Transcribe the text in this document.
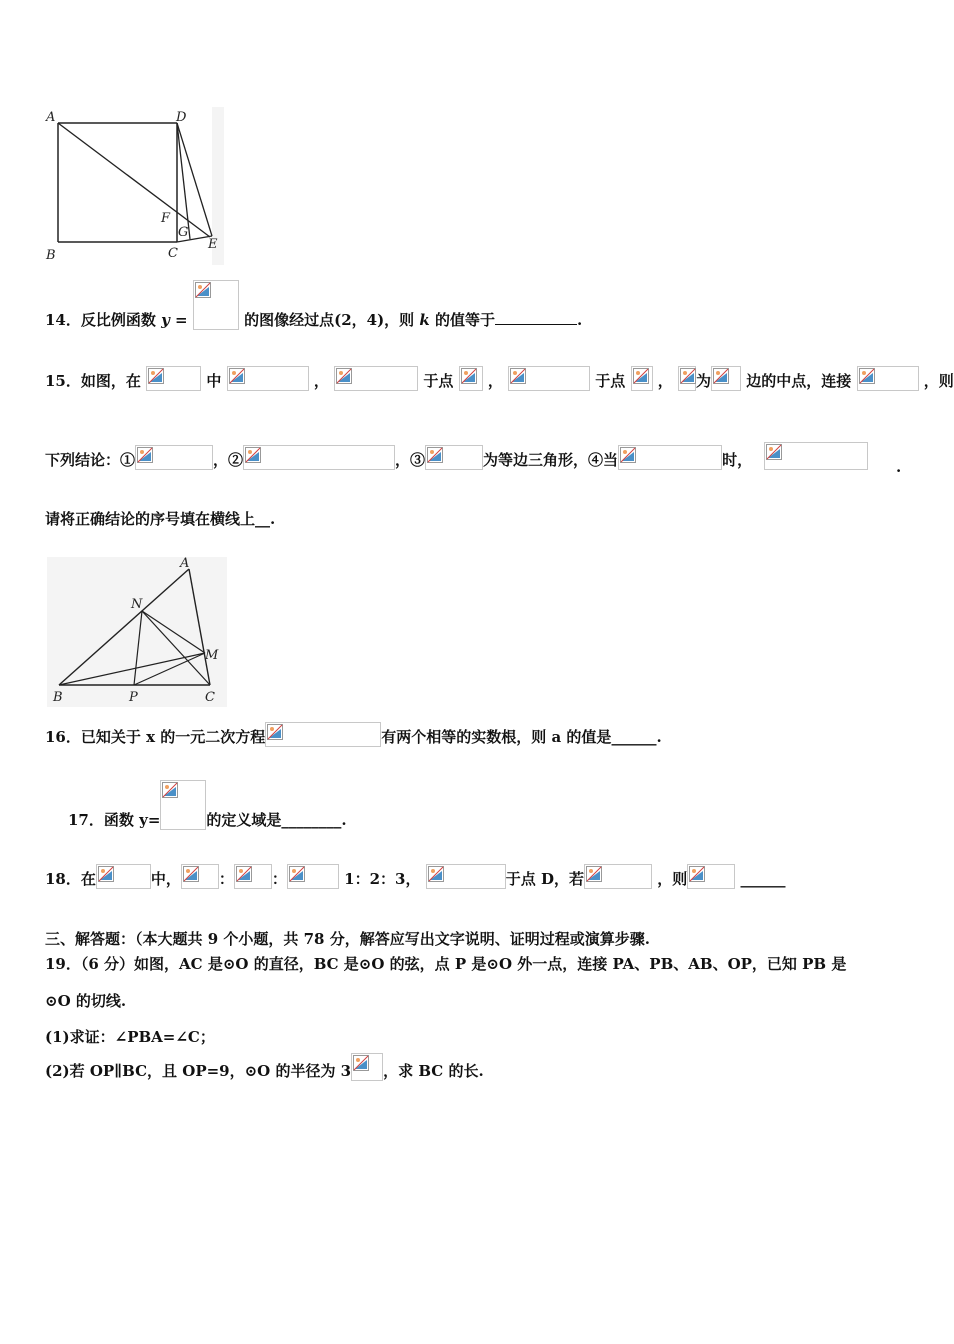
A	D
B	C
F
G
E
14．反比例函数 y =	的图像经过点(2，4)，则 k 的值等于	.
15．如图，在	中	，	于点 ，	于点 ， 为 边的中点，连接	，则
下列结论：①	，②	，③	为等边三角形，④当	时，	.
请将正确结论的序号填在横线上__.
A
N
M
B	P	C
16．已知关于 x 的一元二次方程	有两个相等的实数根，则 a 的值是______.
17．函数 y=	的定义域是________.
18．在	中，	：	：	1：2：3，	于点 D，若	，则	______
三、解答题：（本大题共 9 个小题，共 78 分，解答应写出文字说明、证明过程或演算步骤.
19．（6 分）如图，AC 是⊙O 的直径，BC 是⊙O 的弦，点 P 是⊙O 外一点，连接 PA、PB、AB、OP，已知 PB 是
⊙O 的切线.
(1)求证：∠PBA=∠C；
(2)若 OP∥BC，且 OP=9，⊙O 的半径为 3 ，求 BC 的长.
